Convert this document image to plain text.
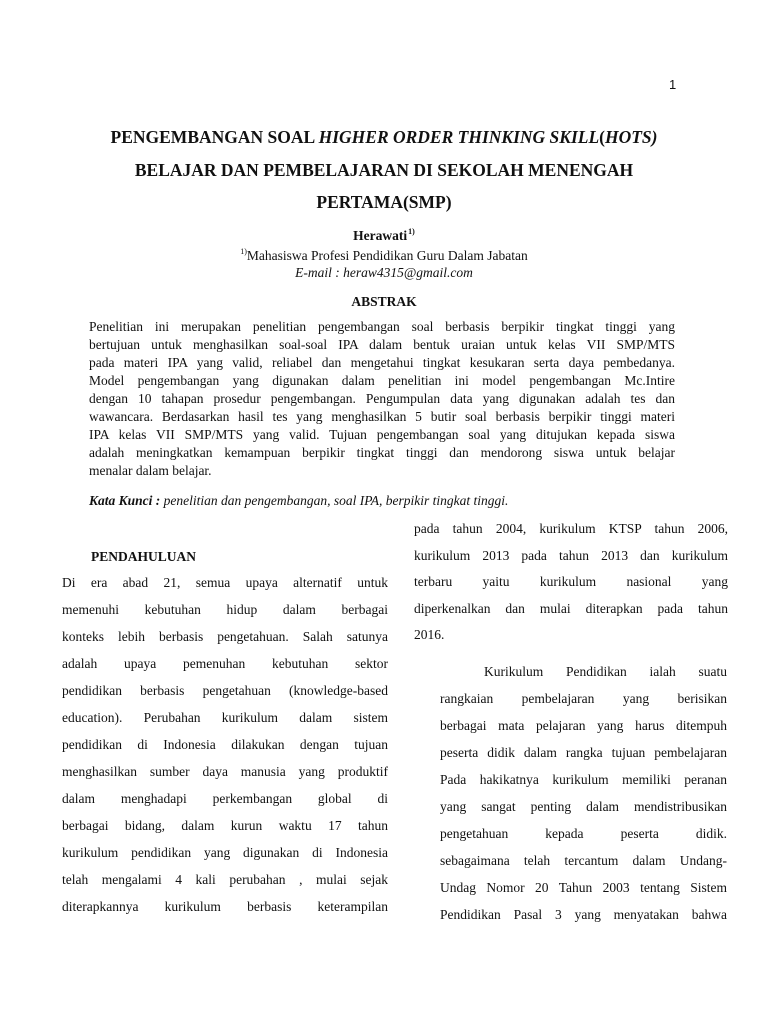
1
PENGEMBANGAN SOAL HIGHER ORDER THINKING SKILL(HOTS)
BELAJAR DAN PEMBELAJARAN DI SEKOLAH MENENGAH
PERTAMA(SMP)
Herawati$^{1)}$
$^{1)}$Mahasiswa Profesi Pendidikan Guru Dalam Jabatan
E-mail : heraw4315@gmail.com
ABSTRAK
Penelitian ini merupakan penelitian pengembangan soal berbasis berpikir tingkat tinggi yang
bertujuan untuk menghasilkan soal-soal IPA dalam bentuk uraian untuk kelas VII SMP/MTS
pada materi IPA yang valid, reliabel dan mengetahui tingkat kesukaran serta daya pembedanya.
Model pengembangan yang digunakan dalam penelitian ini model pengembangan Mc.Intire
dengan 10 tahapan prosedur pengembangan. Pengumpulan data yang digunakan adalah tes dan
wawancara. Berdasarkan hasil tes yang menghasilkan 5 butir soal berbasis berpikir tinggi materi
IPA kelas VII SMP/MTS yang valid. Tujuan pengembangan soal yang ditujukan kepada siswa
adalah meningkatkan kemampuan berpikir tingkat tinggi dan mendorong siswa untuk belajar
menalar dalam belajar.
Kata Kunci : penelitian dan pengembangan, soal IPA, berpikir tingkat tinggi.
PENDAHULUAN
Di era abad 21, semua upaya alternatif untuk
memenuhi kebutuhan hidup dalam berbagai
konteks lebih berbasis pengetahuan. Salah satunya
adalah upaya pemenuhan kebutuhan sektor
pendidikan berbasis pengetahuan (knowledge-based
education). Perubahan kurikulum dalam sistem
pendidikan di Indonesia dilakukan dengan tujuan
menghasilkan sumber daya manusia yang produktif
dalam menghadapi perkembangan global di
berbagai bidang, dalam kurun waktu 17 tahun
kurikulum pendidikan yang digunakan di Indonesia
telah mengalami 4 kali perubahan , mulai sejak
diterapkannya kurikulum berbasis keterampilan
pada tahun 2004, kurikulum KTSP tahun 2006,
kurikulum 2013 pada tahun 2013 dan kurikulum
terbaru yaitu kurikulum nasional yang
diperkenalkan dan mulai diterapkan pada tahun
2016.
Kurikulum Pendidikan ialah suatu
rangkaian pembelajaran yang berisikan
berbagai mata pelajaran yang harus ditempuh
peserta didik dalam rangka tujuan pembelajaran
Pada hakikatnya kurikulum memiliki peranan
yang sangat penting dalam mendistribusikan
pengetahuan kepada peserta didik.
sebagaimana telah tercantum dalam Undang-
Undag Nomor 20 Tahun 2003 tentang Sistem
Pendidikan Pasal 3 yang menyatakan bahwa
